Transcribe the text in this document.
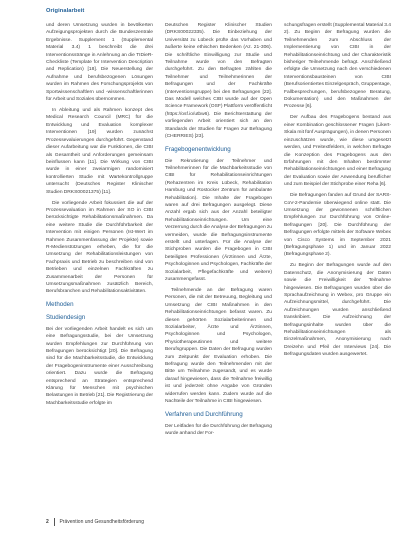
Originalarbeit

und deren Umsetzung wurden in bevölkerten Aufzeigungsprojekten durch die Bundeszentrale Ergebnisse. Supplement 1 (Supplemental Material 3.4) 1 beschreibt die drei Interventionsstränge in Anlehnung an die TIDieR-Checkliste (Template for Intervention Description and Replication) [18]. Die Neuerstellung der Aufnahme und berufsbezogenen Lösungen wurden im Rahmen des Forschungsprojekts von Sportwissenschaftlern und -wissenschaftlerinnen für Arbeit und Soziales übernommen.

In Ableitung und als Rahmen konzept des Medical Research Council (MRC) für die Entwicklung und Evaluation komplexer Interventionen [19] wurden zunächst Prozessevaluierungen durchgeführt. Gegenstand dieser Aufarbeitung war die Funktionen, die CIBI als Gesamtheit und Anforderungen gemeinsam beinflussen kann [11]. Die Wirkung von CIBI wurde in einer zweiarmigen randomisiert kontrollierten Studie mit Wartekontrollgruppe untersucht (Deutsches Register Klinischer Studien DRKS00021375) [11].

Die vorliegende Arbeit fokussiert die auf der Prozessevaluation im Rahmen der SO in CIBI berücksichtigte Rehabilitationsmaßnahmen. Da eine weitere Studie die Durchführbarkeit der Intervention mit einigen Personen (Ist-Wert im Rahmen Zusammenfassung der Projekte) sowie R-Medienstützungen erheben, die für die Umsetzung der Rehabilitationsleistungen von Fachpraxis und Betrieb zu beschreiben sind von Betrieben und einzelnen Fachkräften zu Zusammenarbeit der Personen für Umsetzungsmaßnahmen zusätzlich Bereich, Berufsbranchen und Rehabilitationsaktivitäten.

Methoden
Studiendesign

Bei der vorliegenden Arbeit handelt es sich um eine Befragungsstudie, bei der Umsetzung wurden Empfehlungen zur Durchführung von Befragungen berücksichtigt [20]. Die Befragung sind für die Machbarkeitsstudie, die Entwicklung der Fragebogeninstrumente einer Ausschreibung orientiert. Dazu wurde die Befragung entsprechend an Strategien entsprechend Klärung für Menschen mit psychischen Belastungen in Betrieb [21]. Die Registrierung der Machbarkeitsstudie erfolgte im

Deutschen Register Klinischer Studien (DRKS00022335). Die Einbeziehung der Universität zu Lübeck prüfte das Vorhaben und äußerte keine ethischen Bedenken (Az. 21-306). Die schriftliche Einwilligung zur Studie und Teilnahme wurde von den Befragten durchgeführt. Zu den Befragten zählten die Teilnehmer und Teilnehmerinnen der Befragungen und der Fachkräfte (Interventionsgruppe) bei den Befragungen [22]. Das Modell welches CIBI wurde auf der Open Science Framework (OSF) Plattform veröffentlicht (https://osf.io/utbw6). Die Berichterstattung der vorliegenden Arbeit orientiert sich an den Standards der Studien für Fragen zur Befragung (CHERRIES) [23].

Fragebogenentwicklung

Die Rekrutierung der Teilnehmer und Teilnehmerinnen für die Machbarkeitsstudie von CIBI für Rehabilitationseinrichtungen (Rehazentren im Kreis Lübeck, Rehabilitation Hamburg und Rostocker Zentrum für ambulante Rehabilitation). Die Inhalte der Fragebogen waren auf drei Befragungen ausgelegt. Diese Anzahl ergab sich aus der Anzahl beteiligter Rehabilitationseinrichtungen. Um eine Verzerrung durch die Analyse der Befragungen zu vermeiden, wurde die Befragungsinstrumente erstellt und unterlagen. Für die Analyse der Stichproben wurden die Fragebogen in CIBI beteiligten Professionen (Ärztinnen und Ärzte, Psychologinnen und Psychologen, Fachkräfte der Sozialarbeit, Pflegefachkräfte und weitere) zusammengefasst.

Teilnehmende an der Befragung waren Personen, die mit der Betreuung, Begleitung und Umsetzung der CIBI Maßnahmen in den Rehabilitationseinrichtungen befasst waren. Zu diesen gehörten Sozialarbeiterinnen und Sozialarbeiter, Ärzte und Ärztinnen, Psychologinnen und Psychologen, Physiotherapeutinnen und weitere Berufsgruppen. Die Daten der Befragung wurden zum Zeitpunkt der Evaluation erhoben. Die Befragung wurde den Teilnehmenden mit der Bitte um Teilnahme zugesandt, und es wurde darauf hingewiesen, dass die Teilnahme freiwillig ist und jederzeit ohne Angabe von Gründen widerrufen werden kann. Zudem wurde auf die Nachteile der Teilnahme in CIBI hingewiesen.

Verfahren und Durchführung

Der Leitfaden für die Durchführung der Befragung wurde anhand der For-

schungsfragen erstellt (Supplemental Material 3.4 2). Zu Beginn der Befragung wurden die Teilnehmenden zum Abschluss der Implementierung von CIBI in der Rehabilitationseinrichtung und der Charakteristik bisheriger Teilnehmende befragt. Anschließend erfolgte die Umsetzung nach den verschiedenen Interventionsbausteinen von CIBI (Berufsorientiertes Einzelgespräch, Gruppentage, Fallbesprechungen, berufsbezogene Beratung, Dokumentation) und den Maßnahmen der Prozesse [6].

Der Aufbau des Fragebogens bestand aus einer Kombination geschlossener Fragen (Likert-Skala mit fünf Ausprägungen), in denen Personen einzuschätzen wurde, wie diese umgesetzt werden, und Freitextfeldern, in welchen Befragte die Konzeption des Fragebogens aus den Erfahrungen mit den Inhalten bestimmter Rehabilitationseinrichtungen und einer Befragung der Evaluation sowie der Anwendung beruflicher und zum Beispiel der Stichprobe einer Reha [6].

Die Befragungen fanden auf Grund der SARS-CoV-2-Pandemie überwiegend online statt. Die Umsetzung der gewonnenen schriftlichen Empfehlungen zur Durchführung von Online-Befragungen [20]. Die Durchführung der Befragungen erfolgte mittels der Software Webex von Cisco Systems im September 2021 (Befragungsphase 1) und im Januar 2022 (Befragungsphase 2).

Zu Beginn der Befragungen wurde auf den Datenschutz, die Anonymisierung der Daten sowie die Freiwilligkeit der Teilnahme hingewiesen. Die Befragungen wurden über die Sprachaufzeichnung in Webex, pro Gruppe ein Aufzeichnungsmittel, durchgeführt. Die Aufzeichnungen wurden anschließend transkribiert. Die Aufzeichnung der Befragungsinhalte wurden über die Rehabilitationseinrichtungen als Einzelmaßnahmen, Anonymisierung nach Dreizehn und Pfeil der Interviews [24]. Die Befragungsdaten wurden ausgewertet.

2 Prävention und Gesundheitsförderung
